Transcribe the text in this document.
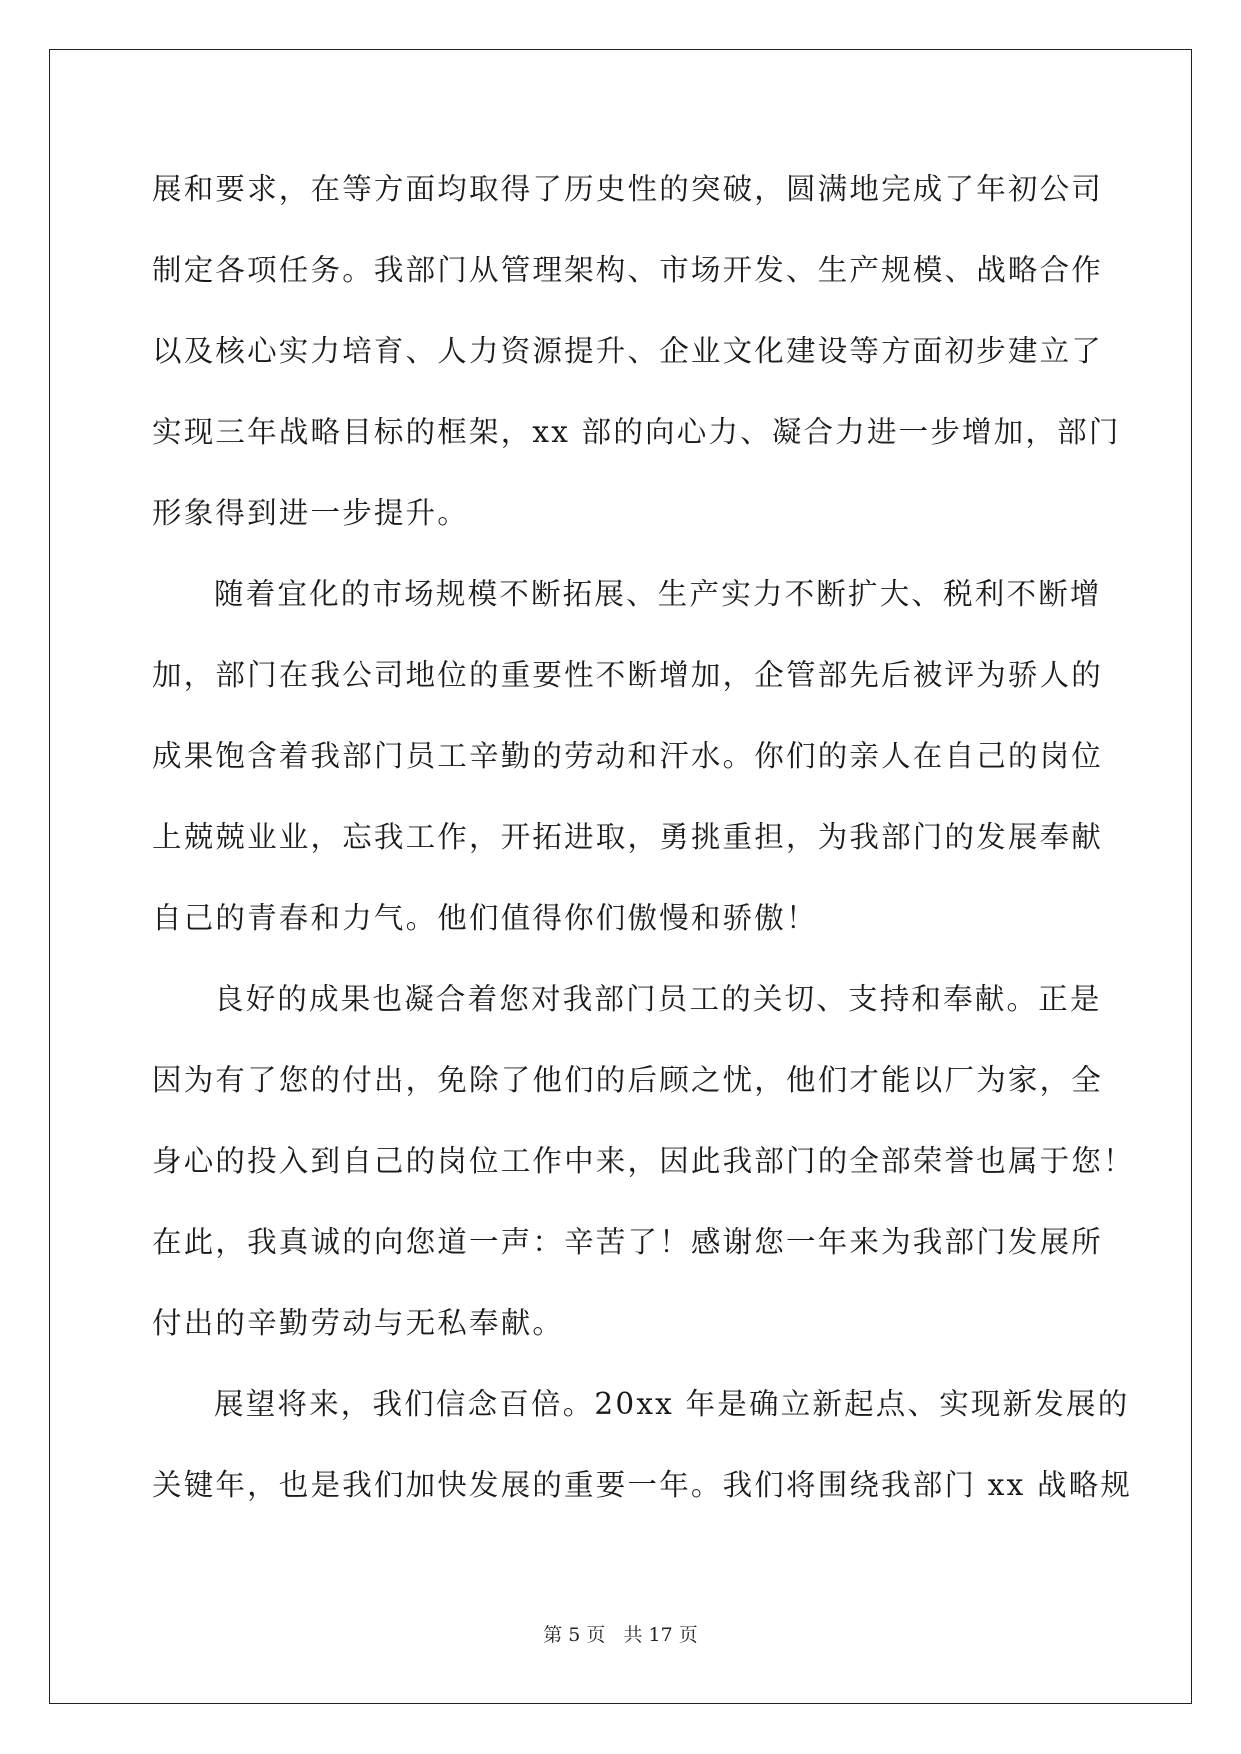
展和要求，在等方面均取得了历史性的突破，圆满地完成了年初公司
制定各项任务。我部门从管理架构、市场开发、生产规模、战略合作
以及核心实力培育、人力资源提升、企业文化建设等方面初步建立了
实现三年战略目标的框架，xx 部的向心力、凝合力进一步增加，部门
形象得到进一步提升。
随着宜化的市场规模不断拓展、生产实力不断扩大、税利不断增
加，部门在我公司地位的重要性不断增加，企管部先后被评为骄人的
成果饱含着我部门员工辛勤的劳动和汗水。你们的亲人在自己的岗位
上兢兢业业，忘我工作，开拓进取，勇挑重担，为我部门的发展奉献
自己的青春和力气。他们值得你们傲慢和骄傲！
良好的成果也凝合着您对我部门员工的关切、支持和奉献。正是
因为有了您的付出，免除了他们的后顾之忧，他们才能以厂为家，全
身心的投入到自己的岗位工作中来，因此我部门的全部荣誉也属于您！
在此，我真诚的向您道一声：辛苦了！感谢您一年来为我部门发展所
付出的辛勤劳动与无私奉献。
展望将来，我们信念百倍。20xx 年是确立新起点、实现新发展的
关键年，也是我们加快发展的重要一年。我们将围绕我部门 xx 战略规
第 5 页 共 17 页
